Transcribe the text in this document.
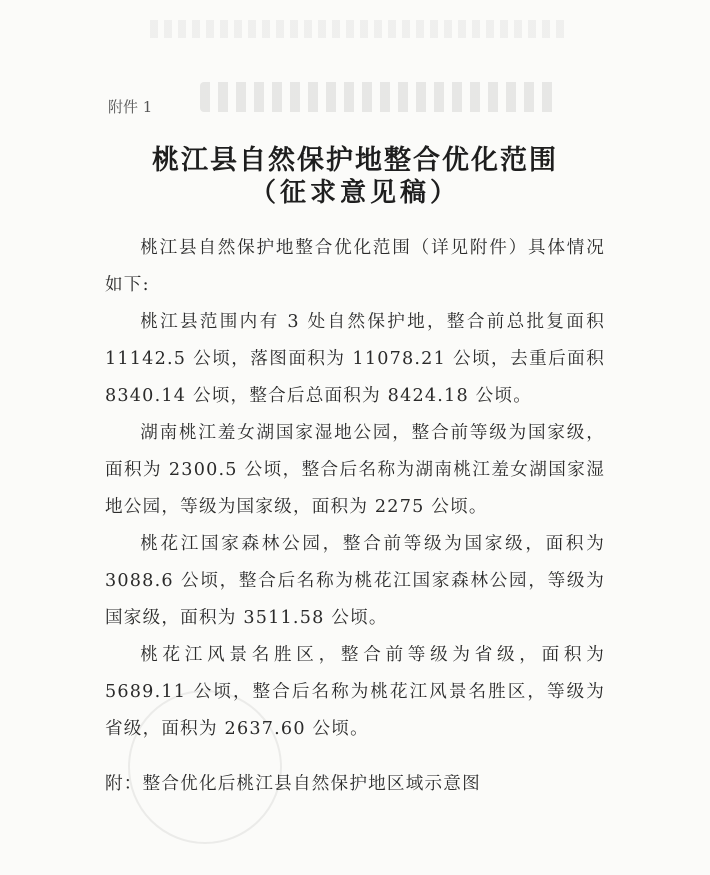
附件 1
桃江县自然保护地整合优化范围
（征求意见稿）

桃江县自然保护地整合优化范围（详见附件）具体情况如下:

桃江县范围内有 3 处自然保护地，整合前总批复面积 11142.5 公顷，落图面积为 11078.21 公顷，去重后面积 8340.14 公顷，整合后总面积为 8424.18 公顷。

湖南桃江羞女湖国家湿地公园，整合前等级为国家级，面积为 2300.5 公顷，整合后名称为湖南桃江羞女湖国家湿地公园，等级为国家级，面积为 2275 公顷。

桃花江国家森林公园，整合前等级为国家级，面积为 3088.6 公顷，整合后名称为桃花江国家森林公园，等级为国家级，面积为 3511.58 公顷。

桃花江风景名胜区，整合前等级为省级，面积为 5689.11 公顷，整合后名称为桃花江风景名胜区，等级为省级，面积为 2637.60 公顷。

附：整合优化后桃江县自然保护地区域示意图
